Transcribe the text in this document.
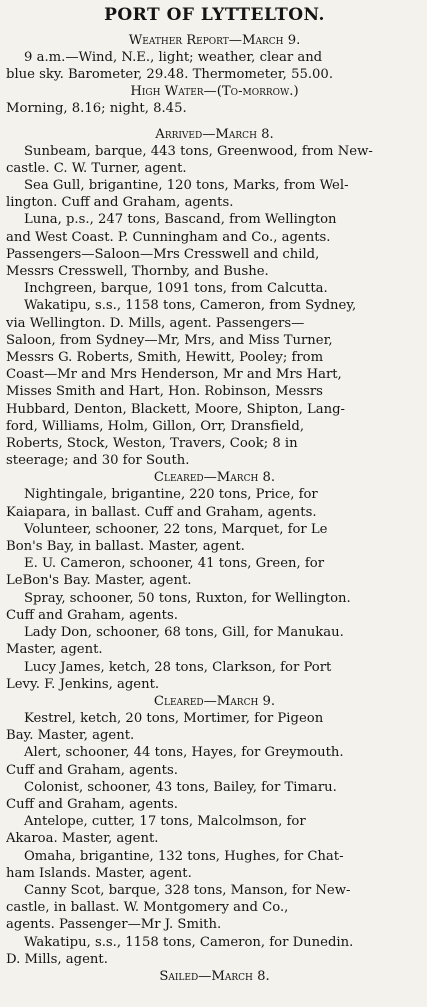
PORT OF LYTTELTON.
Weather Report—March 9.
9 a.m.—Wind, N.E., light; weather, clear and
blue sky. Barometer, 29.48. Thermometer, 55.00.
High Water—(To-morrow.)
Morning, 8.16; night, 8.45.
Arrived—March 8.
Sunbeam, barque, 443 tons, Greenwood, from New-
castle. C. W. Turner, agent.
Sea Gull, brigantine, 120 tons, Marks, from Wel-
lington. Cuff and Graham, agents.
Luna, p.s., 247 tons, Bascand, from Wellington
and West Coast. P. Cunningham and Co., agents.
Passengers—Saloon—Mrs Cresswell and child,
Messrs Cresswell, Thornby, and Bushe.
Inchgreen, barque, 1091 tons, from Calcutta.
Wakatipu, s.s., 1158 tons, Cameron, from Sydney,
via Wellington. D. Mills, agent. Passengers—
Saloon, from Sydney—Mr, Mrs, and Miss Turner,
Messrs G. Roberts, Smith, Hewitt, Pooley; from
Coast—Mr and Mrs Henderson, Mr and Mrs Hart,
Misses Smith and Hart, Hon. Robinson, Messrs
Hubbard, Denton, Blackett, Moore, Shipton, Lang-
ford, Williams, Holm, Gillon, Orr, Dransfield,
Roberts, Stock, Weston, Travers, Cook; 8 in
steerage; and 30 for South.
Cleared—March 8.
Nightingale, brigantine, 220 tons, Price, for
Kaiapara, in ballast. Cuff and Graham, agents.
Volunteer, schooner, 22 tons, Marquet, for Le
Bon's Bay, in ballast. Master, agent.
E. U. Cameron, schooner, 41 tons, Green, for
LeBon's Bay. Master, agent.
Spray, schooner, 50 tons, Ruxton, for Wellington.
Cuff and Graham, agents.
Lady Don, schooner, 68 tons, Gill, for Manukau.
Master, agent.
Lucy James, ketch, 28 tons, Clarkson, for Port
Levy. F. Jenkins, agent.
Cleared—March 9.
Kestrel, ketch, 20 tons, Mortimer, for Pigeon
Bay. Master, agent.
Alert, schooner, 44 tons, Hayes, for Greymouth.
Cuff and Graham, agents.
Colonist, schooner, 43 tons, Bailey, for Timaru.
Cuff and Graham, agents.
Antelope, cutter, 17 tons, Malcolmson, for
Akaroa. Master, agent.
Omaha, brigantine, 132 tons, Hughes, for Chat-
ham Islands. Master, agent.
Canny Scot, barque, 328 tons, Manson, for New-
castle, in ballast. W. Montgomery and Co.,
agents. Passenger—Mr J. Smith.
Wakatipu, s.s., 1158 tons, Cameron, for Dunedin.
D. Mills, agent.
Sailed—March 8.
